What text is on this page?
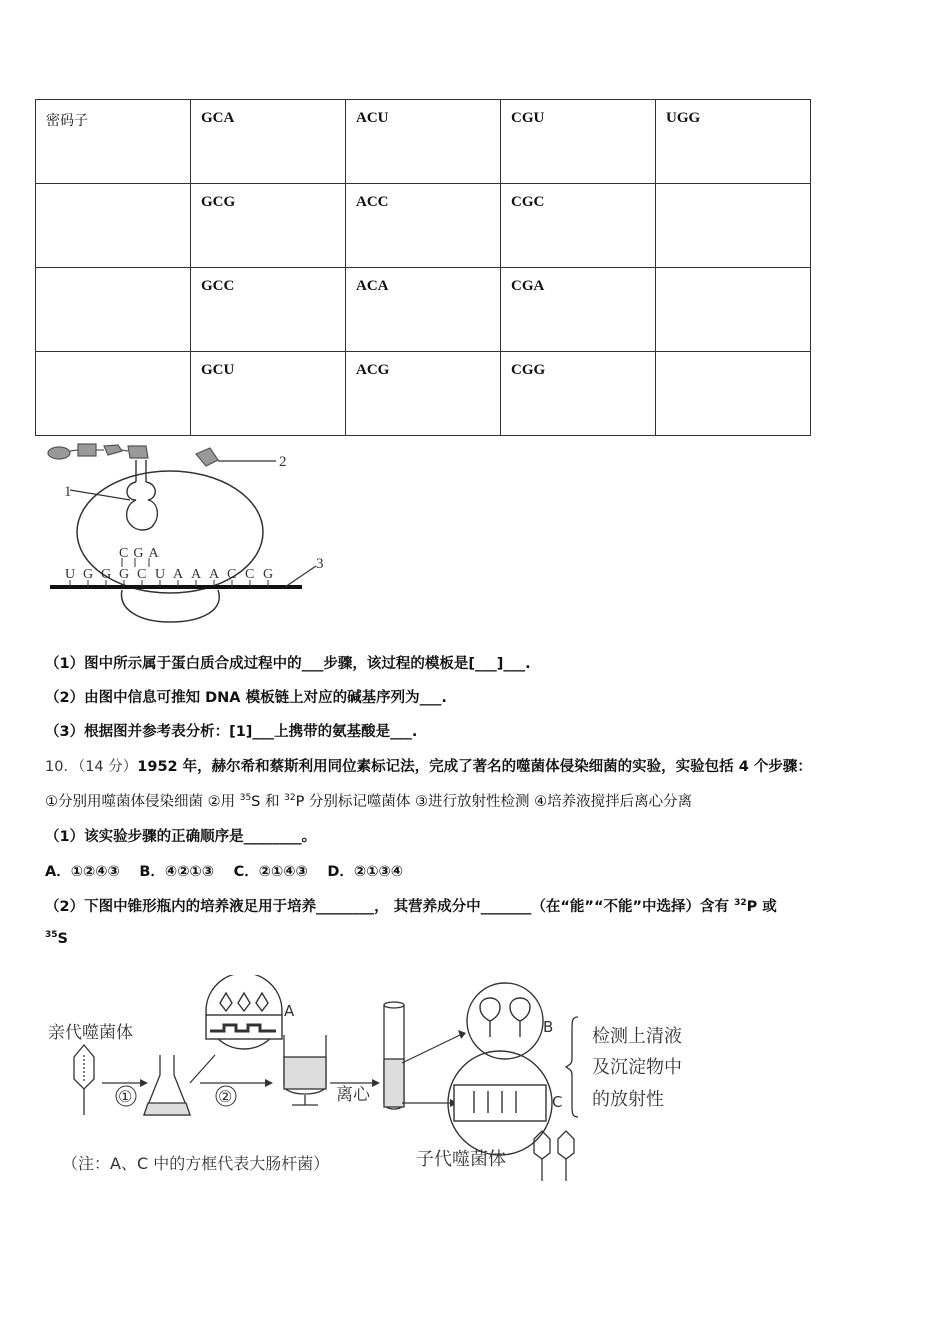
密码子	GCA	ACU	CGU	UGG
	GCG	ACC	CGC	
	GCC	ACA	CGA	
	GCU	ACG	CGG	
2
1
CGA
U G G G C U A A A C C G
3
（1）图中所示属于蛋白质合成过程中的___步骤，该过程的模板是[___]___.
（2）由图中信息可推知 DNA 模板链上对应的碱基序列为___.
（3）根据图并参考表分析：[1]___上携带的氨基酸是___.
10．（14 分）1952 年，赫尔希和蔡斯利用同位素标记法，完成了著名的噬菌体侵染细菌的实验，实验包括 4 个步骤：
①分别用噬菌体侵染细菌 ②用 $^{35}$S 和 $^{32}$P 分别标记噬菌体 ③进行放射性检测 ④培养液搅拌后离心分离
（1）该实验步骤的正确顺序是________。
A．①②④③　 B．④②①③　 C．②①④③　 D．②①③④
（2）下图中锥形瓶内的培养液足用于培养________， 其营养成分中_______（在“能”“不能”中选择）含有 $^{32}$P 或
$^{35}$S
亲代噬菌体
离心
检测上清液
及沉淀物中
的放射性
子代噬菌体
（注：A、C 中的方框代表大肠杆菌）
A
B
C
①	②
